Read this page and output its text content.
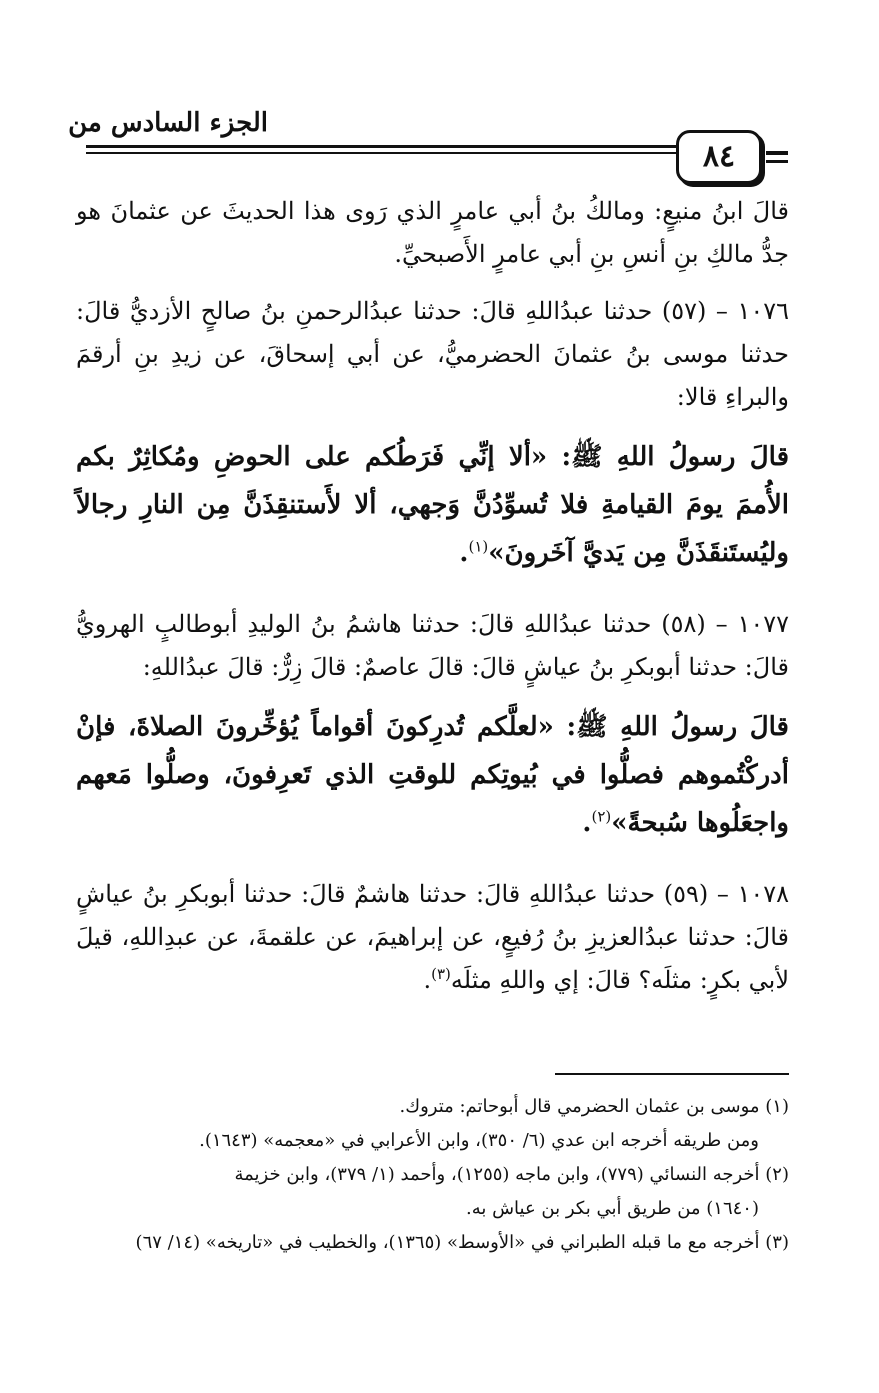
الجزء السادس من
٨٤

قالَ ابنُ منيعٍ: ومالكُ بنُ أبي عامرٍ الذي رَوى هذا الحديثَ عن عثمانَ هو جدُّ مالكِ بنِ أنسِ بنِ أبي عامرٍ الأَصبحيِّ.

١٠٧٦ – (٥٧) حدثنا عبدُاللهِ قالَ: حدثنا عبدُالرحمنِ بنُ صالحٍ الأزديُّ قالَ: حدثنا موسى بنُ عثمانَ الحضرميُّ، عن أبي إسحاقَ، عن زيدِ بنِ أرقمَ والبراءِ قالا:

قالَ رسولُ اللهِ ﷺ: «ألا إنِّي فَرَطُكم على الحوضِ ومُكاثِرٌ بكم الأُممَ يومَ القيامةِ فلا تُسوِّدُنَّ وَجهي، ألا لأَستنقِذَنَّ مِن النارِ رجالاً وليُستَنقَذَنَّ مِن يَديَّ آخَرونَ»$^{(١)}$.

١٠٧٧ – (٥٨) حدثنا عبدُاللهِ قالَ: حدثنا هاشمُ بنُ الوليدِ أبوطالبٍ الهرويُّ قالَ: حدثنا أبوبكرِ بنُ عياشٍ قالَ: قالَ عاصمٌ: قالَ زِرٌّ: قالَ عبدُاللهِ:

قالَ رسولُ اللهِ ﷺ: «لعلَّكم تُدرِكونَ أقواماً يُؤخِّرونَ الصلاةَ، فإنْ أدركْتُموهم فصلُّوا في بُيوتِكم للوقتِ الذي تَعرِفونَ، وصلُّوا مَعهم واجعَلُوها سُبحةً»$^{(٢)}$.

١٠٧٨ – (٥٩) حدثنا عبدُاللهِ قالَ: حدثنا هاشمٌ قالَ: حدثنا أبوبكرِ بنُ عياشٍ قالَ: حدثنا عبدُالعزيزِ بنُ رُفيعٍ، عن إبراهيمَ، عن علقمةَ، عن عبدِاللهِ، قيلَ لأبي بكرٍ: مثلَه؟ قالَ: إي واللهِ مثلَه$^{(٣)}$.

(١) موسى بن عثمان الحضرمي قال أبوحاتم: متروك.

ومن طريقه أخرجه ابن عدي (٦/ ٣٥٠)، وابن الأعرابي في «معجمه» (١٦٤٣).

(٢) أخرجه النسائي (٧٧٩)، وابن ماجه (١٢٥٥)، وأحمد (١/ ٣٧٩)، وابن خزيمة

(١٦٤٠) من طريق أبي بكر بن عياش به.

(٣) أخرجه مع ما قبله الطبراني في «الأوسط» (١٣٦٥)، والخطيب في «تاريخه» (١٤/ ٦٧)
